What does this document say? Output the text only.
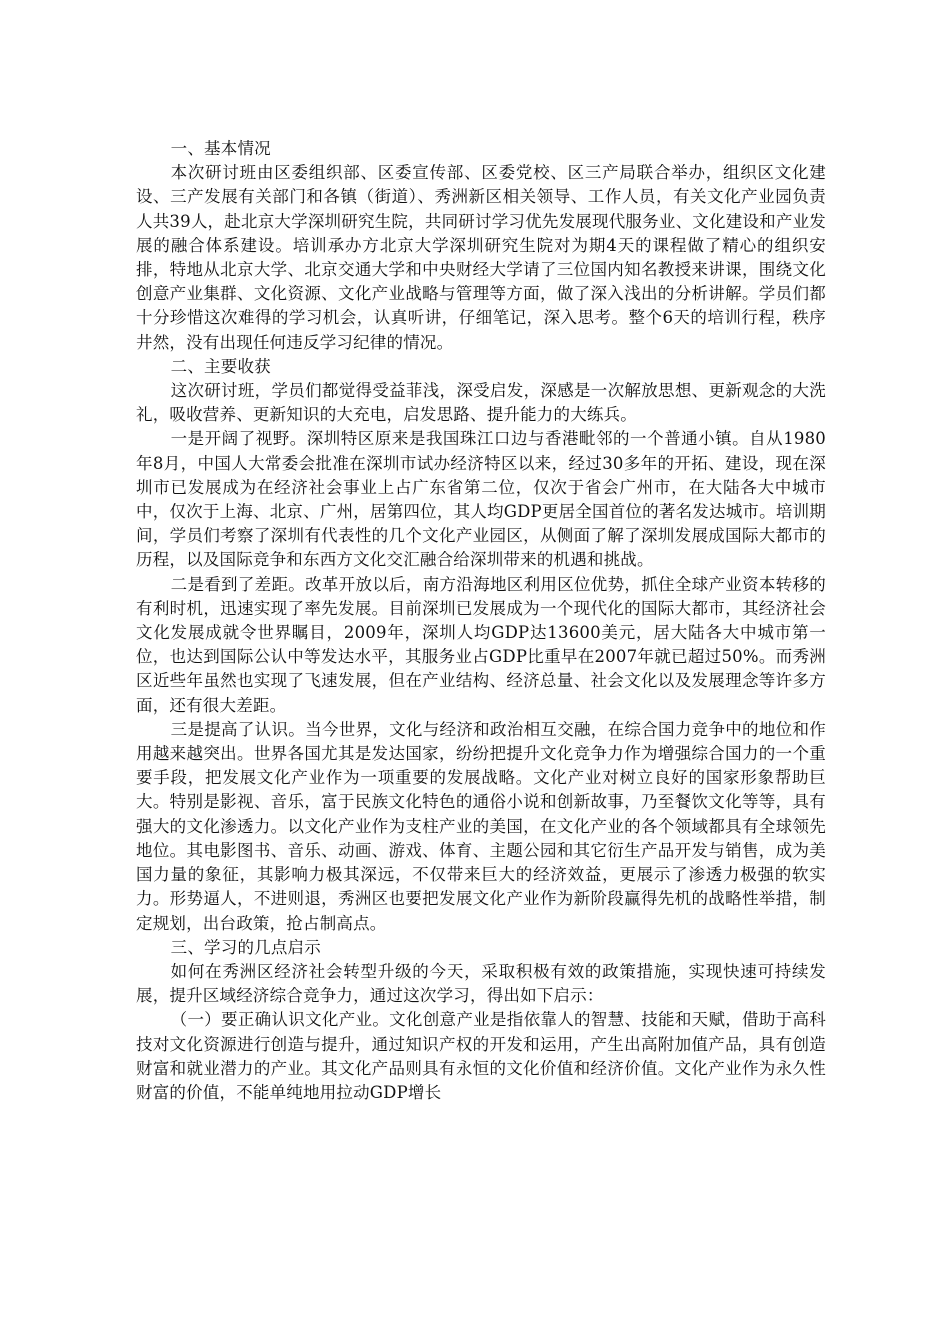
一、基本情况

本次研讨班由区委组织部、区委宣传部、区委党校、区三产局联合举办，组织区文化建设、三产发展有关部门和各镇（街道）、秀洲新区相关领导、工作人员，有关文化产业园负责人共39人，赴北京大学深圳研究生院，共同研讨学习优先发展现代服务业、文化建设和产业发展的融合体系建设。培训承办方北京大学深圳研究生院对为期4天的课程做了精心的组织安排，特地从北京大学、北京交通大学和中央财经大学请了三位国内知名教授来讲课，围绕文化创意产业集群、文化资源、文化产业战略与管理等方面，做了深入浅出的分析讲解。学员们都十分珍惜这次难得的学习机会，认真听讲，仔细笔记，深入思考。整个6天的培训行程，秩序井然，没有出现任何违反学习纪律的情况。

二、主要收获

这次研讨班，学员们都觉得受益菲浅，深受启发，深感是一次解放思想、更新观念的大洗礼，吸收营养、更新知识的大充电，启发思路、提升能力的大练兵。

一是开阔了视野。深圳特区原来是我国珠江口边与香港毗邻的一个普通小镇。自从1980年8月，中国人大常委会批准在深圳市试办经济特区以来，经过30多年的开拓、建设，现在深圳市已发展成为在经济社会事业上占广东省第二位，仅次于省会广州市，在大陆各大中城市中，仅次于上海、北京、广州，居第四位，其人均GDP更居全国首位的著名发达城市。培训期间，学员们考察了深圳有代表性的几个文化产业园区，从侧面了解了深圳发展成国际大都市的历程，以及国际竞争和东西方文化交汇融合给深圳带来的机遇和挑战。

二是看到了差距。改革开放以后，南方沿海地区利用区位优势，抓住全球产业资本转移的有利时机，迅速实现了率先发展。目前深圳已发展成为一个现代化的国际大都市，其经济社会文化发展成就令世界瞩目，2009年，深圳人均GDP达13600美元，居大陆各大中城市第一位，也达到国际公认中等发达水平，其服务业占GDP比重早在2007年就已超过50%。而秀洲区近些年虽然也实现了飞速发展，但在产业结构、经济总量、社会文化以及发展理念等许多方面，还有很大差距。

三是提高了认识。当今世界，文化与经济和政治相互交融，在综合国力竞争中的地位和作用越来越突出。世界各国尤其是发达国家，纷纷把提升文化竞争力作为增强综合国力的一个重要手段，把发展文化产业作为一项重要的发展战略。文化产业对树立良好的国家形象帮助巨大。特别是影视、音乐，富于民族文化特色的通俗小说和创新故事，乃至餐饮文化等等，具有强大的文化渗透力。以文化产业作为支柱产业的美国，在文化产业的各个领域都具有全球领先地位。其电影图书、音乐、动画、游戏、体育、主题公园和其它衍生产品开发与销售，成为美国力量的象征，其影响力极其深远，不仅带来巨大的经济效益，更展示了渗透力极强的软实力。形势逼人，不进则退，秀洲区也要把发展文化产业作为新阶段赢得先机的战略性举措，制定规划，出台政策，抢占制高点。

三、学习的几点启示

如何在秀洲区经济社会转型升级的今天，采取积极有效的政策措施，实现快速可持续发展，提升区域经济综合竞争力，通过这次学习，得出如下启示：

（一）要正确认识文化产业。文化创意产业是指依靠人的智慧、技能和天赋，借助于高科技对文化资源进行创造与提升，通过知识产权的开发和运用，产生出高附加值产品，具有创造财富和就业潜力的产业。其文化产品则具有永恒的文化价值和经济价值。文化产业作为永久性财富的价值，不能单纯地用拉动GDP增长
